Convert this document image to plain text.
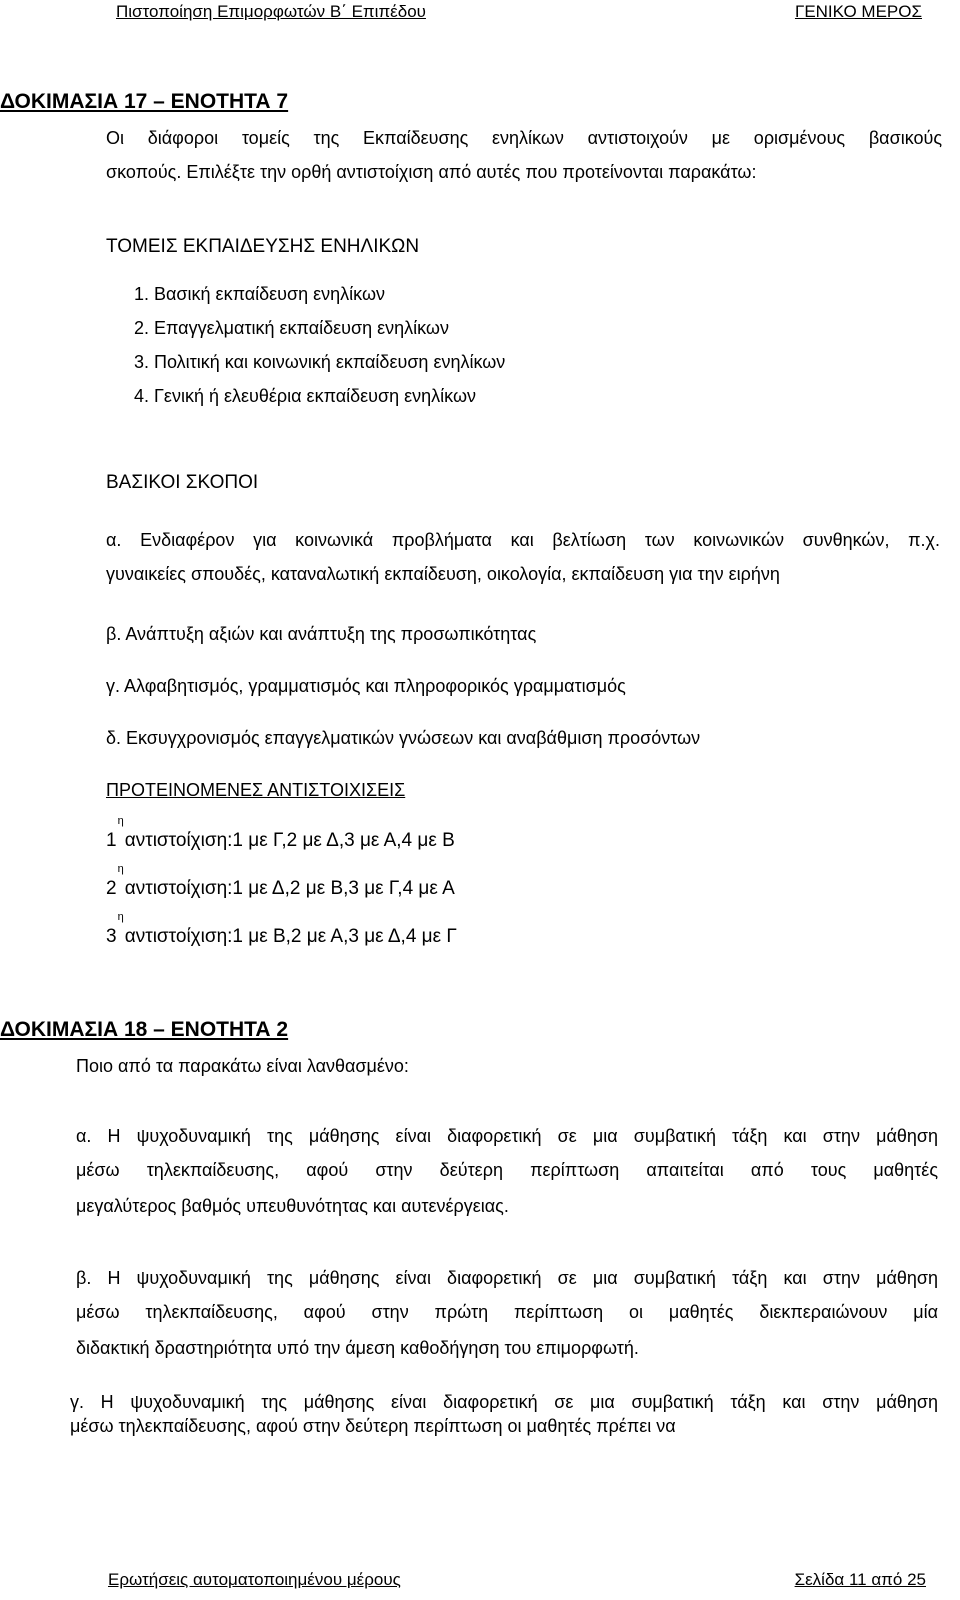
Πιστοποίηση Επιμορφωτών Β΄ Επιπέδου	ΓΕΝΙΚΟ ΜΕΡΟΣ
ΔΟΚΙΜΑΣΙΑ 17 – ΕΝΟΤΗΤΑ 7
Οι διάφοροι τομείς της Εκπαίδευσης ενηλίκων αντιστοιχούν με ορισμένους βασικούς
σκοπούς. Επιλέξτε την ορθή αντιστοίχιση από αυτές που προτείνονται παρακάτω:
ΤΟΜΕΙΣ ΕΚΠΑΙΔΕΥΣΗΣ ΕΝΗΛΙΚΩΝ
1. Βασική εκπαίδευση ενηλίκων
2. Επαγγελματική εκπαίδευση ενηλίκων
3. Πολιτική και κοινωνική εκπαίδευση ενηλίκων
4. Γενική ή ελευθέρια εκπαίδευση ενηλίκων
ΒΑΣΙΚΟΙ ΣΚΟΠΟΙ
α. Ενδιαφέρον για κοινωνικά προβλήματα και βελτίωση των κοινωνικών συνθηκών, π.χ.
γυναικείες σπουδές, καταναλωτική εκπαίδευση, οικολογία, εκπαίδευση για την ειρήνη
β. Ανάπτυξη αξιών και ανάπτυξη της προσωπικότητας
γ. Αλφαβητισμός, γραμματισμός και πληροφορικός γραμματισμός
δ. Εκσυγχρονισμός επαγγελματικών γνώσεων και αναβάθμιση προσόντων
ΠΡΟΤΕΙΝΟΜΕΝΕΣ ΑΝΤΙΣΤΟΙΧΙΣΕΙΣ
$1^\eta\alpha\nu\tau\iota\sigma\tau oί\chi\iota\sigma\eta:1$ με Γ,2 με Δ,3 με Α,4 με Β
$2^\eta\alpha\nu\tau\iota\sigma\tau oί\chi\iota\sigma\eta:1$ με Δ,2 με Β,3 με Γ,4 με Α
$3^\eta\alpha\nu\tau\iota\sigma\tau oί\chi\iota\sigma\eta:1$ με Β,2 με Α,3 με Δ,4 με Γ
ΔΟΚΙΜΑΣΙΑ 18 – ΕΝΟΤΗΤΑ 2
Ποιο από τα παρακάτω είναι λανθασμένο:
α. Η ψυχοδυναμική της μάθησης είναι διαφορετική σε μια συμβατική τάξη και στην μάθηση
μέσω τηλεκπαίδευσης, αφού στην δεύτερη περίπτωση απαιτείται από τους μαθητές
μεγαλύτερος βαθμός υπευθυνότητας και αυτενέργειας.
β. Η ψυχοδυναμική της μάθησης είναι διαφορετική σε μια συμβατική τάξη και στην μάθηση
μέσω τηλεκπαίδευσης, αφού στην πρώτη περίπτωση οι μαθητές διεκπεραιώνουν μία
διδακτική δραστηριότητα υπό την άμεση καθοδήγηση του επιμορφωτή.
γ. Η ψυχοδυναμική της μάθησης είναι διαφορετική σε μια συμβατική τάξη και στην μάθηση
μέσω τηλεκπαίδευσης, αφού στην δεύτερη περίπτωση οι μαθητές πρέπει να
Ερωτήσεις αυτοματοποιημένου μέρους	Σελίδα 11 από 25
